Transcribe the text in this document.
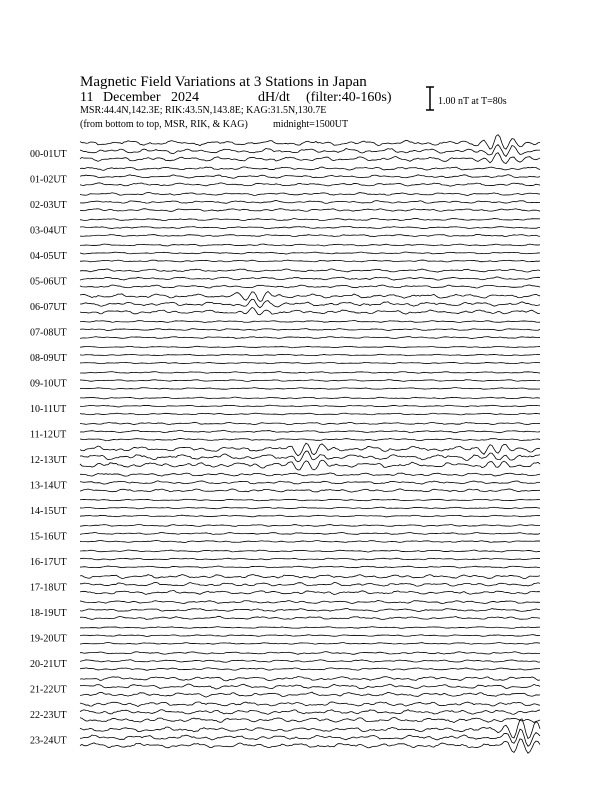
Magnetic Field Variations at 3 Stations in Japan
11 December 2024	dH/dt (filter:40-160s)
MSR:44.4N,142.3E; RIK:43.5N,143.8E; KAG:31.5N,130.7E
(from bottom to top, MSR, RIK, & KAG)	midnight=1500UT
1.00 nT at T=80s
00-01UT
01-02UT
02-03UT
03-04UT
04-05UT
05-06UT
06-07UT
07-08UT
08-09UT
09-10UT
10-11UT
11-12UT
12-13UT
13-14UT
14-15UT
15-16UT
16-17UT
17-18UT
18-19UT
19-20UT
20-21UT
21-22UT
22-23UT
23-24UT
